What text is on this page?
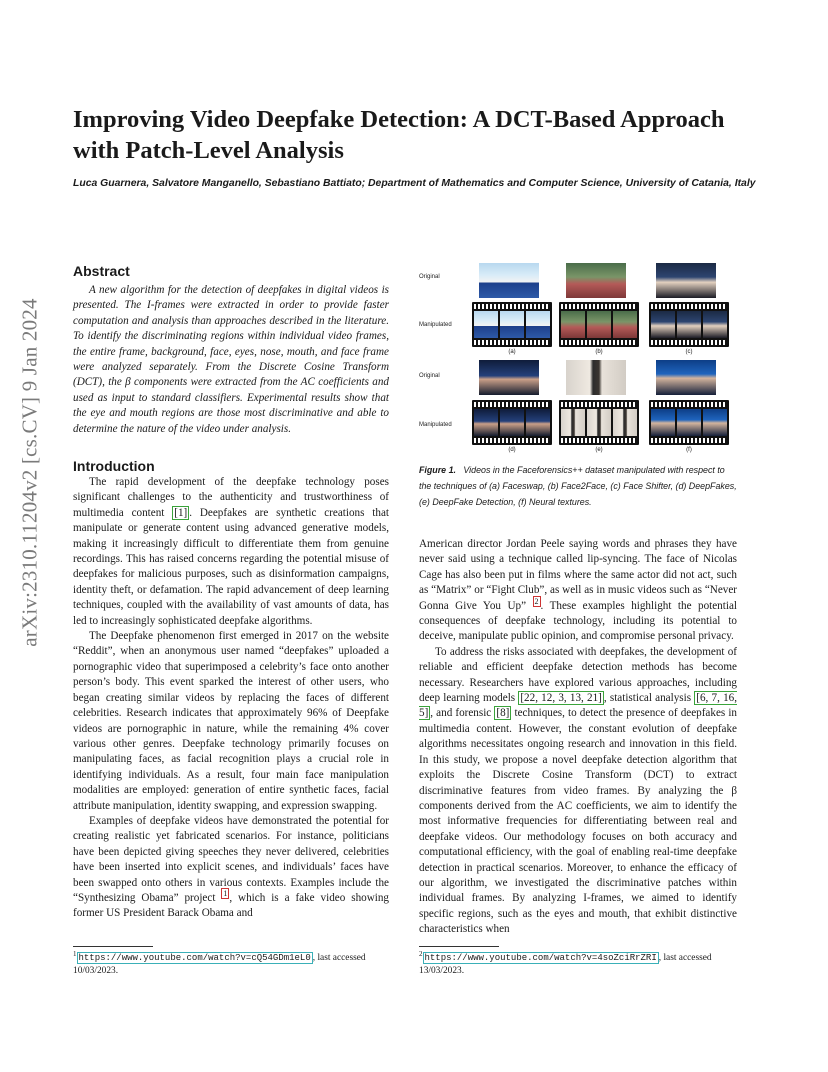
arXiv:2310.11204v2 [cs.CV] 9 Jan 2024
Improving Video Deepfake Detection: A DCT-Based Approach with Patch-Level Analysis
Luca Guarnera, Salvatore Manganello, Sebastiano Battiato; Department of Mathematics and Computer Science, University of Catania, Italy
Abstract

A new algorithm for the detection of deepfakes in digital videos is presented. The I-frames were extracted in order to provide faster computation and analysis than approaches described in the literature. To identify the discriminating regions within individual video frames, the entire frame, background, face, eyes, nose, mouth, and face frame were analyzed separately. From the Discrete Cosine Transform (DCT), the β components were extracted from the AC coefficients and used as input to standard classifiers. Experimental results show that the eye and mouth regions are those most discriminative and able to determine the nature of the video under analysis.

Introduction

The rapid development of the deepfake technology poses significant challenges to the authenticity and trustworthiness of multimedia content [1] . Deepfakes are synthetic creations that manipulate or generate content using advanced generative models, making it increasingly difficult to differentiate them from genuine recordings. This has raised concerns regarding the potential misuse of deepfakes for malicious purposes, such as disinformation campaigns, identity theft, or defamation. The rapid advancement of deep learning techniques, coupled with the availability of vast amounts of data, has led to increasingly sophisticated deepfake algorithms.

The Deepfake phenomenon first emerged in 2017 on the website “Reddit”, when an anonymous user named “deepfakes” uploaded a pornographic video that superimposed a celebrity’s face onto another person’s body. This event sparked the interest of other users, who began creating similar videos by replacing the faces of different celebrities. Research indicates that approximately 96% of Deepfake videos are pornographic in nature, while the remaining 4% cover various other genres. Deepfake technology primarily focuses on manipulating faces, as facial recognition plays a crucial role in identifying individuals. As a result, four main face manipulation modalities are employed: generation of entire synthetic faces, facial attribute manipulation, identity swapping, and expression swapping.

Examples of deepfake videos have demonstrated the potential for creating realistic yet fabricated scenarios. For instance, politicians have been depicted giving speeches they never delivered, celebrities have been inserted into explicit scenes, and individuals’ faces have been swapped onto others in various contexts. Examples include the “Synthesizing Obama” project $^1$ , which is a fake video showing former US President Barack Obama and

Original
Manipulated
Original
Manipulated
(a)	(b)	(c)
(d)	(e)	(f)
Figure 1. Videos in the Faceforensics++ dataset manipulated with respect to the techniques of (a) Faceswap, (b) Face2Face, (c) Face Shifter, (d) DeepFakes, (e) DeepFake Detection, (f) Neural textures.

American director Jordan Peele saying words and phrases they have never said using a technique called lip-syncing. The face of Nicolas Cage has also been put in films where the same actor did not act, such as “Matrix” or “Fight Club”, as well as in music videos such as “Never Gonna Give You Up” $^2$ . These examples highlight the potential consequences of deepfake technology, including its potential to deceive, manipulate public opinion, and compromise personal privacy.

To address the risks associated with deepfakes, the development of reliable and efficient deepfake detection methods has become necessary. Researchers have explored various approaches, including deep learning models [22, 12, 3, 13, 21] , statistical analysis [6, 7, 16, 5] , and forensic [8] techniques, to detect the presence of deepfakes in multimedia content. However, the constant evolution of deepfake algorithms necessitates ongoing research and innovation in this field. In this study, we propose a novel deepfake detection algorithm that exploits the Discrete Cosine Transform (DCT) to extract discriminative features from video frames. By analyzing the β components derived from the AC coefficients, we aim to identify the most informative frequencies for differentiating between real and deepfake videos. Our methodology focuses on both accuracy and computational efficiency, with the goal of enabling real-time deepfake detection in practical scenarios. Moreover, to enhance the efficacy of our algorithm, we investigated the discriminative patches within individual frames. By analyzing I-frames, we aimed to identify specific regions, such as the eyes and mouth, that exhibit distinctive characteristics when

$^1$ https://www.youtube.com/watch?v=cQ54GDm1eL0 , last accessed 10/03/2023.
$^2$ https://www.youtube.com/watch?v=4soZciRrZRI , last accessed 13/03/2023.
